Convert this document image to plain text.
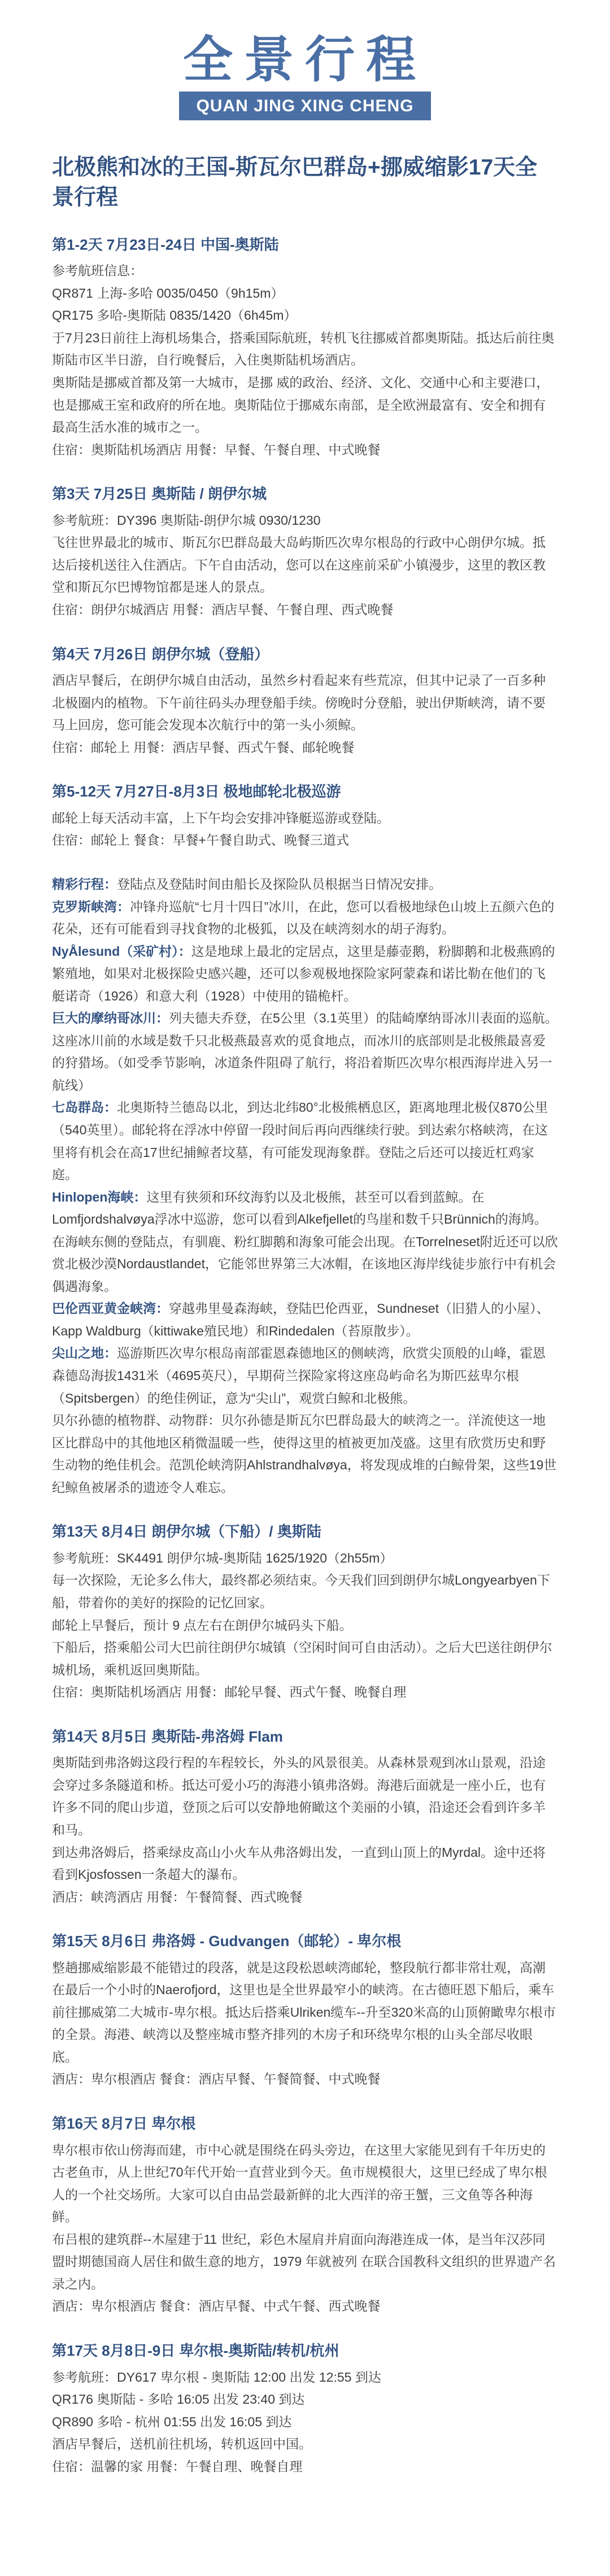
全景行程
QUAN JING XING CHENG
北极熊和冰的王国-斯瓦尔巴群岛+挪威缩影17天全景行程
第1-2天 7月23日-24日 中国-奥斯陆
参考航班信息：
QR871 上海-多哈 0035/0450（9h15m）
QR175 多哈-奥斯陆 0835/1420（6h45m）
于7月23日前往上海机场集合，搭乘国际航班，转机飞往挪威首都奥斯陆。抵达后前往奥斯陆市区半日游，自行晚餐后，入住奥斯陆机场酒店。
奥斯陆是挪威首都及第一大城市，是挪 威的政治、经济、文化、交通中心和主要港口，也是挪威王室和政府的所在地。奥斯陆位于挪威东南部，是全欧洲最富有、安全和拥有最高生活水准的城市之一。
住宿：奥斯陆机场酒店 用餐：早餐、午餐自理、中式晚餐
第3天 7月25日 奥斯陆 / 朗伊尔城
参考航班：DY396 奥斯陆-朗伊尔城 0930/1230
飞往世界最北的城市、斯瓦尔巴群岛最大岛屿斯匹次卑尔根岛的行政中心朗伊尔城。抵达后接机送往入住酒店。下午自由活动，您可以在这座前采矿小镇漫步，这里的教区教堂和斯瓦尔巴博物馆都是迷人的景点。
住宿：朗伊尔城酒店 用餐：酒店早餐、午餐自理、西式晚餐
第4天 7月26日 朗伊尔城（登船）
酒店早餐后，在朗伊尔城自由活动，虽然乡村看起来有些荒凉，但其中记录了一百多种北极圈内的植物。下午前往码头办理登船手续。傍晚时分登船，驶出伊斯峡湾，请不要马上回房，您可能会发现本次航行中的第一头小须鲸。
住宿：邮轮上 用餐：酒店早餐、西式午餐、邮轮晚餐
第5-12天 7月27日-8月3日 极地邮轮北极巡游
邮轮上每天活动丰富，上下午均会安排冲锋艇巡游或登陆。
住宿：邮轮上 餐食：早餐+午餐自助式、晚餐三道式
精彩行程：登陆点及登陆时间由船长及探险队员根据当日情况安排。
克罗斯峡湾：冲锋舟巡航“七月十四日”冰川，在此，您可以看极地绿色山坡上五颜六色的花朵，还有可能看到寻找食物的北极狐，以及在峡湾刻水的胡子海豹。
NyÅlesund（采矿村）：这是地球上最北的定居点，这里是藤壶鹅，粉脚鹅和北极燕鸥的繁殖地，如果对北极探险史感兴趣，还可以参观极地探险家阿蒙森和诺比勒在他们的飞艇诺奇（1926）和意大利（1928）中使用的锚桅杆。
巨大的摩纳哥冰川：列夫德夫乔登，在5公里（3.1英里）的陆崎摩纳哥冰川表面的巡航。这座冰川前的水域是数千只北极燕最喜欢的觅食地点，而冰川的底部则是北极熊最喜爱的狩猎场。（如受季节影响，冰道条件阻碍了航行，将沿着斯匹次卑尔根西海岸进入另一航线）
七岛群岛：北奥斯特兰德岛以北，到达北纬80°北极熊栖息区，距离地理北极仅870公里（540英里）。邮轮将在浮冰中停留一段时间后再向西继续行驶。到达索尔格峡湾，在这里将有机会在高17世纪捕鲸者坟墓，有可能发现海象群。登陆之后还可以接近杠鸡家庭。
Hinlopen海峡：这里有狭须和环纹海豹以及北极熊，甚至可以看到蓝鲸。在Lomfjordshalvøya浮冰中巡游，您可以看到Alkefjellet的鸟崖和数千只Brünnich的海鸠。在海峡东侧的登陆点，有驯鹿、粉红脚鹅和海象可能会出现。在Torrelneset附近还可以欣赏北极沙漠Nordaustlandet，它能邻世界第三大冰帽，在该地区海岸线徒步旅行中有机会偶遇海象。
巴伦西亚黄金峡湾：穿越弗里曼森海峡，登陆巴伦西亚，Sundneset（旧猎人的小屋）、Kapp Waldburg（kittiwake殖民地）和Rindedalen（苔原散步）。
尖山之地：巡游斯匹次卑尔根岛南部霍恩森德地区的侧峡湾，欣赏尖顶般的山峰，霍恩森德岛海拔1431米（4695英尺），早期荷兰探险家将这座岛屿命名为斯匹兹卑尔根（Spitsbergen）的绝佳例证，意为“尖山”，观赏白鲸和北极熊。
贝尔孙德的植物群、动物群：贝尔孙德是斯瓦尔巴群岛最大的峡湾之一。洋流使这一地区比群岛中的其他地区稍微温暖一些，使得这里的植被更加茂盛。这里有欣赏历史和野生动物的绝佳机会。范凯伦峡湾阴Ahlstrandhalvøya，将发现成堆的白鲸骨架，这些19世纪鲸鱼被屠杀的遗迹令人难忘。
第13天 8月4日 朗伊尔城（下船）/ 奥斯陆
参考航班：SK4491 朗伊尔城-奥斯陆 1625/1920（2h55m）
每一次探险，无论多么伟大，最终都必须结束。今天我们回到朗伊尔城Longyearbyen下船，带着你的美好的探险的记忆回家。
邮轮上早餐后，预计 9 点左右在朗伊尔城码头下船。
下船后，搭乘船公司大巴前往朗伊尔城镇（空闲时间可自由活动）。之后大巴送往朗伊尔城机场，乘机返回奥斯陆。
住宿：奥斯陆机场酒店 用餐：邮轮早餐、西式午餐、晚餐自理
第14天 8月5日 奥斯陆-弗洛姆 Flam
奥斯陆到弗洛姆这段行程的车程较长，外头的风景很美。从森林景观到冰山景观，沿途会穿过多条隧道和桥。抵达可爱小巧的海港小镇弗洛姆。海港后面就是一座小丘，也有许多不同的爬山步道，登顶之后可以安静地俯瞰这个美丽的小镇，沿途还会看到许多羊和马。
到达弗洛姆后，搭乘绿皮高山小火车从弗洛姆出发，一直到山顶上的Myrdal。途中还将看到Kjosfossen一条超大的瀑布。
酒店：峡湾酒店 用餐：午餐简餐、西式晚餐
第15天 8月6日 弗洛姆 - Gudvangen（邮轮）- 卑尔根
整趟挪威缩影最不能错过的段落，就是这段松恩峡湾邮轮，整段航行都非常壮观，高潮在最后一个小时的Naerofjord，这里也是全世界最窄小的峡湾。在古德旺恩下船后，乘车前往挪威第二大城市-卑尔根。抵达后搭乘Ulriken缆车--升至320米高的山顶俯瞰卑尔根市的全景。海港、峡湾以及整座城市整齐排列的木房子和环绕卑尔根的山头全部尽收眼底。
酒店：卑尔根酒店 餐食：酒店早餐、午餐简餐、中式晚餐
第16天 8月7日 卑尔根
卑尔根市依山傍海而建，市中心就是围绕在码头旁边，在这里大家能见到有千年历史的古老鱼市，从上世纪70年代开始一直营业到今天。鱼市规模很大，这里已经成了卑尔根人的一个社交场所。大家可以自由品尝最新鲜的北大西洋的帝王蟹，三文鱼等各种海鲜。
布吕根的建筑群--木屋建于11 世纪，彩色木屋肩并肩面向海港连成一体，是当年汉莎同盟时期德国商人居住和做生意的地方，1979 年就被列 在联合国教科文组织的世界遗产名录之内。
酒店：卑尔根酒店 餐食：酒店早餐、中式午餐、西式晚餐
第17天 8月8日-9日 卑尔根-奥斯陆/转机/杭州
参考航班：DY617 卑尔根 - 奥斯陆 12:00 出发 12:55 到达
QR176 奥斯陆 - 多哈 16:05 出发 23:40 到达
QR890 多哈 - 杭州 01:55 出发 16:05 到达
酒店早餐后，送机前往机场，转机返回中国。
住宿：温馨的家 用餐：午餐自理、晚餐自理
